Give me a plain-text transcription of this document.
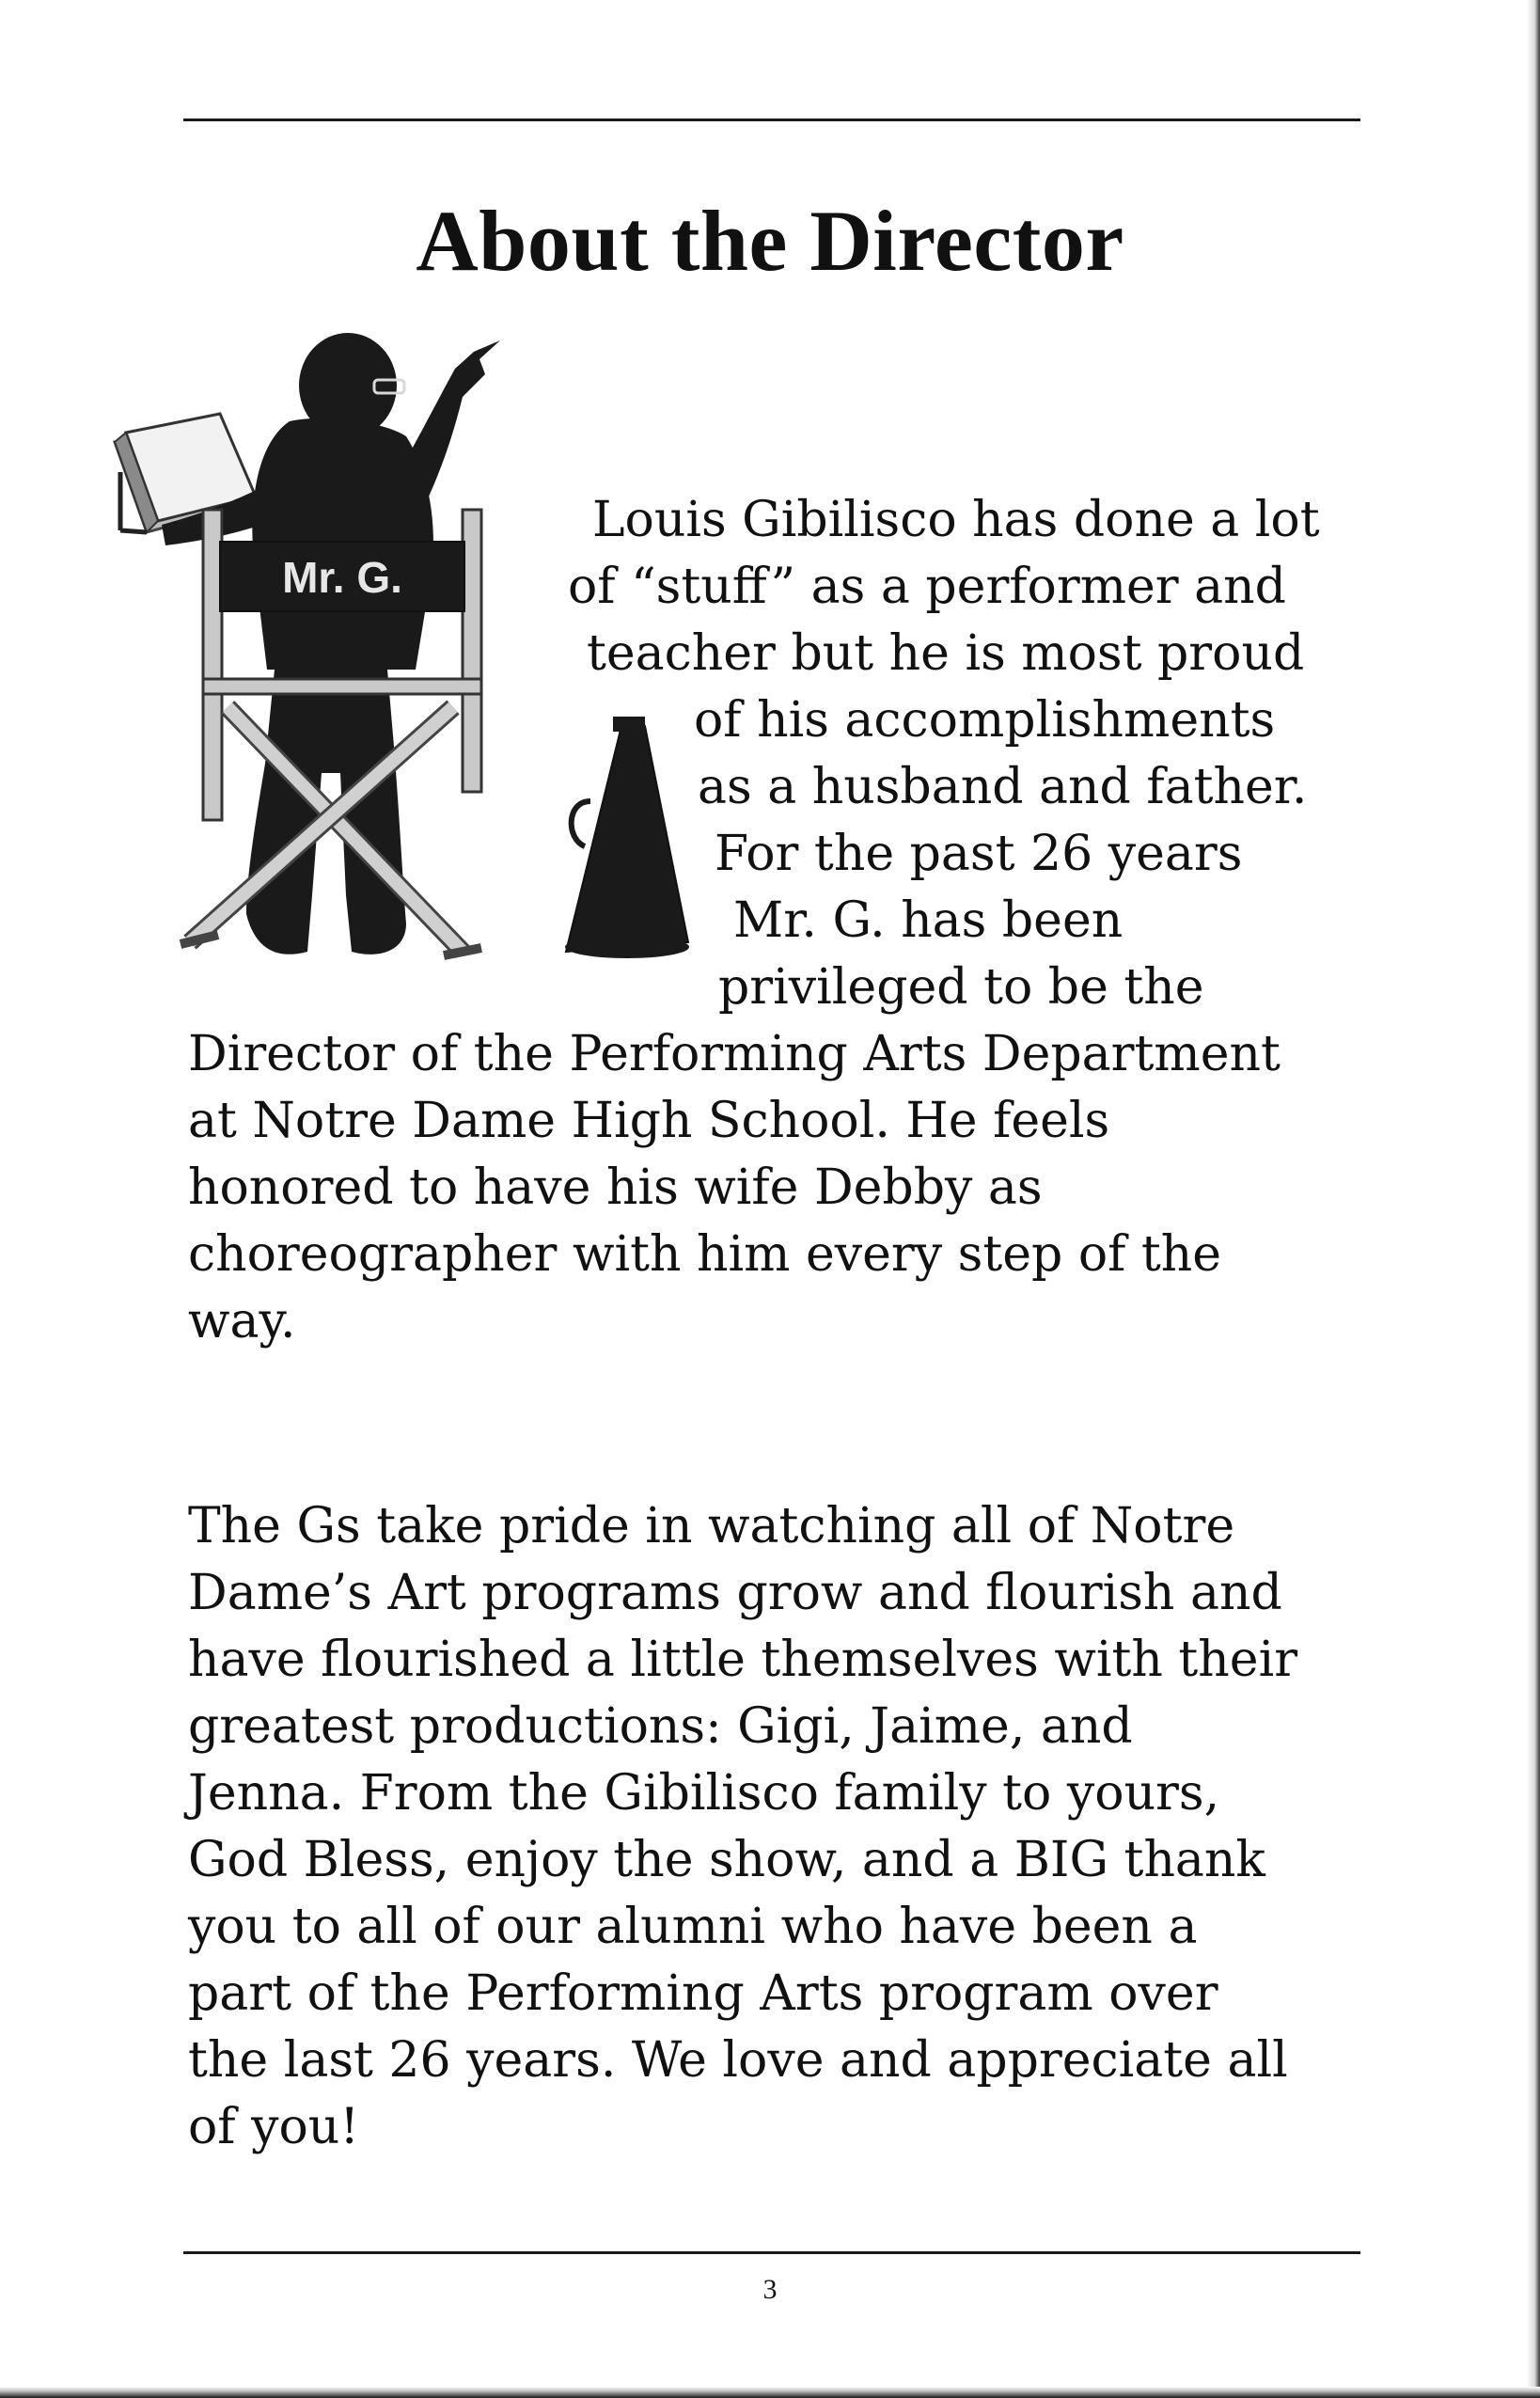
About the Director
Mr. G.
Louis Gibilisco has done a lot
of “stuff” as a performer and
teacher but he is most proud
of his accomplishments
as a husband and father.
For the past 26 years
Mr. G. has been
privileged to be the
Director of the Performing Arts Department
at Notre Dame High School. He feels
honored to have his wife Debby as
choreographer with him every step of the
way.
The Gs take pride in watching all of Notre
Dame’s Art programs grow and flourish and
have flourished a little themselves with their
greatest productions: Gigi, Jaime, and
Jenna. From the Gibilisco family to yours,
God Bless, enjoy the show, and a BIG thank
you to all of our alumni who have been a
part of the Performing Arts program over
the last 26 years. We love and appreciate all
of you!
3
